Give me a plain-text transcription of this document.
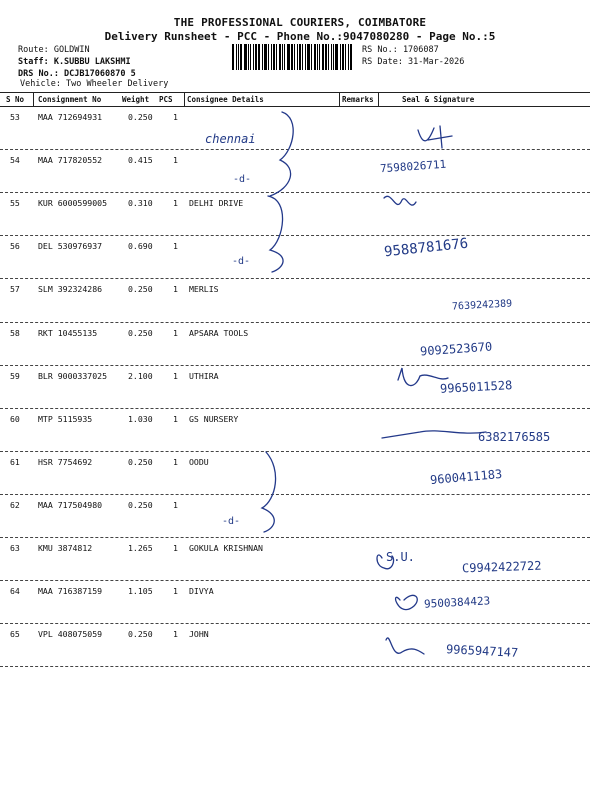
THE PROFESSIONAL COURIERS, COIMBATORE
Delivery Runsheet - PCC - Phone No.:9047080280 - Page No.:5
Route: GOLDWIN
Staff: K.SUBBU LAKSHMI
DRS No.: DCJB17060870 5
RS No.: 1706087
RS Date: 31-Mar-2026
Vehicle: Two Wheeler Delivery
S No Consignment No	Weight PCS Consignee Details	Remarks	Seal & Signature
53 MAA 712694931	0.250 1
54 MAA 717820552	0.415 1
55 KUR 6000599005	0.310 1 DELHI DRIVE
56 DEL 530976937	0.690 1
57 SLM 392324286	0.250 1 MERLIS
58 RKT 10455135	0.250 1 APSARA TOOLS
59 BLR 9000337025	2.100 1 UTHIRA
60 MTP 5115935	1.030 1 GS NURSERY
61 HSR 7754692	0.250 1 OODU
62 MAA 717504980	0.250 1
63 KMU 3874812	1.265 1 GOKULA KRISHNAN
64 MAA 716387159	1.105 1 DIVYA
65 VPL 408075059	0.250 1 JOHN
chennai
-d-
-d-
-d-
7598026711
9588781676
7639242389
9092523670
9965011528
6382176585
9600411183
S.U.
C9942422722
9500384423
9965947147
